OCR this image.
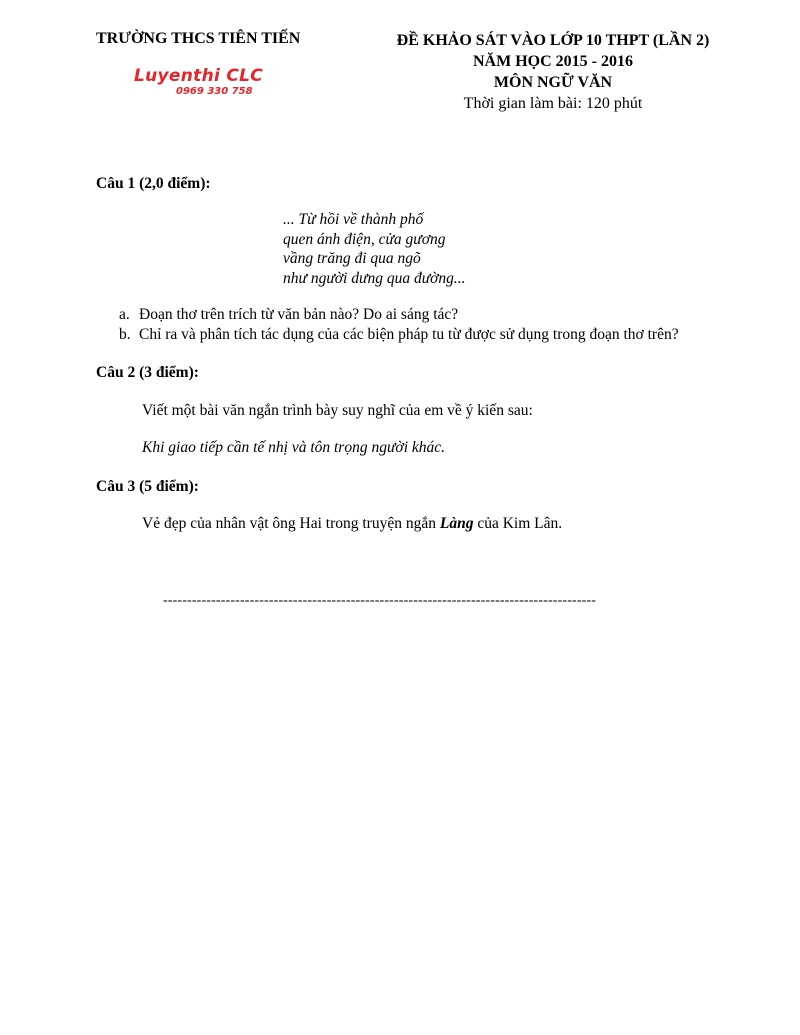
TRƯỜNG THCS TIÊN TIẾN
Luyenthi CLC
0969 330 758
ĐỀ KHẢO SÁT VÀO LỚP 10 THPT (LẦN 2)
NĂM HỌC 2015 - 2016
MÔN NGỮ VĂN
Thời gian làm bài: 120 phút
Câu 1 (2,0 điểm):
... Từ hồi về thành phố
quen ánh điện, cửa gương
vầng trăng đi qua ngõ
như người dưng qua đường...
a. Đoạn thơ trên trích từ văn bản nào? Do ai sáng tác?
b. Chỉ ra và phân tích tác dụng của các biện pháp tu từ được sử dụng trong đoạn thơ trên?
Câu 2 (3 điểm):
Viết một bài văn ngắn trình bày suy nghĩ của em về ý kiến sau:
Khi giao tiếp cần tế nhị và tôn trọng người khác.
Câu 3 (5 điểm):
Vẻ đẹp của nhân vật ông Hai trong truyện ngắn Làng của Kim Lân.
------------------------------------------------------------------------------------------
